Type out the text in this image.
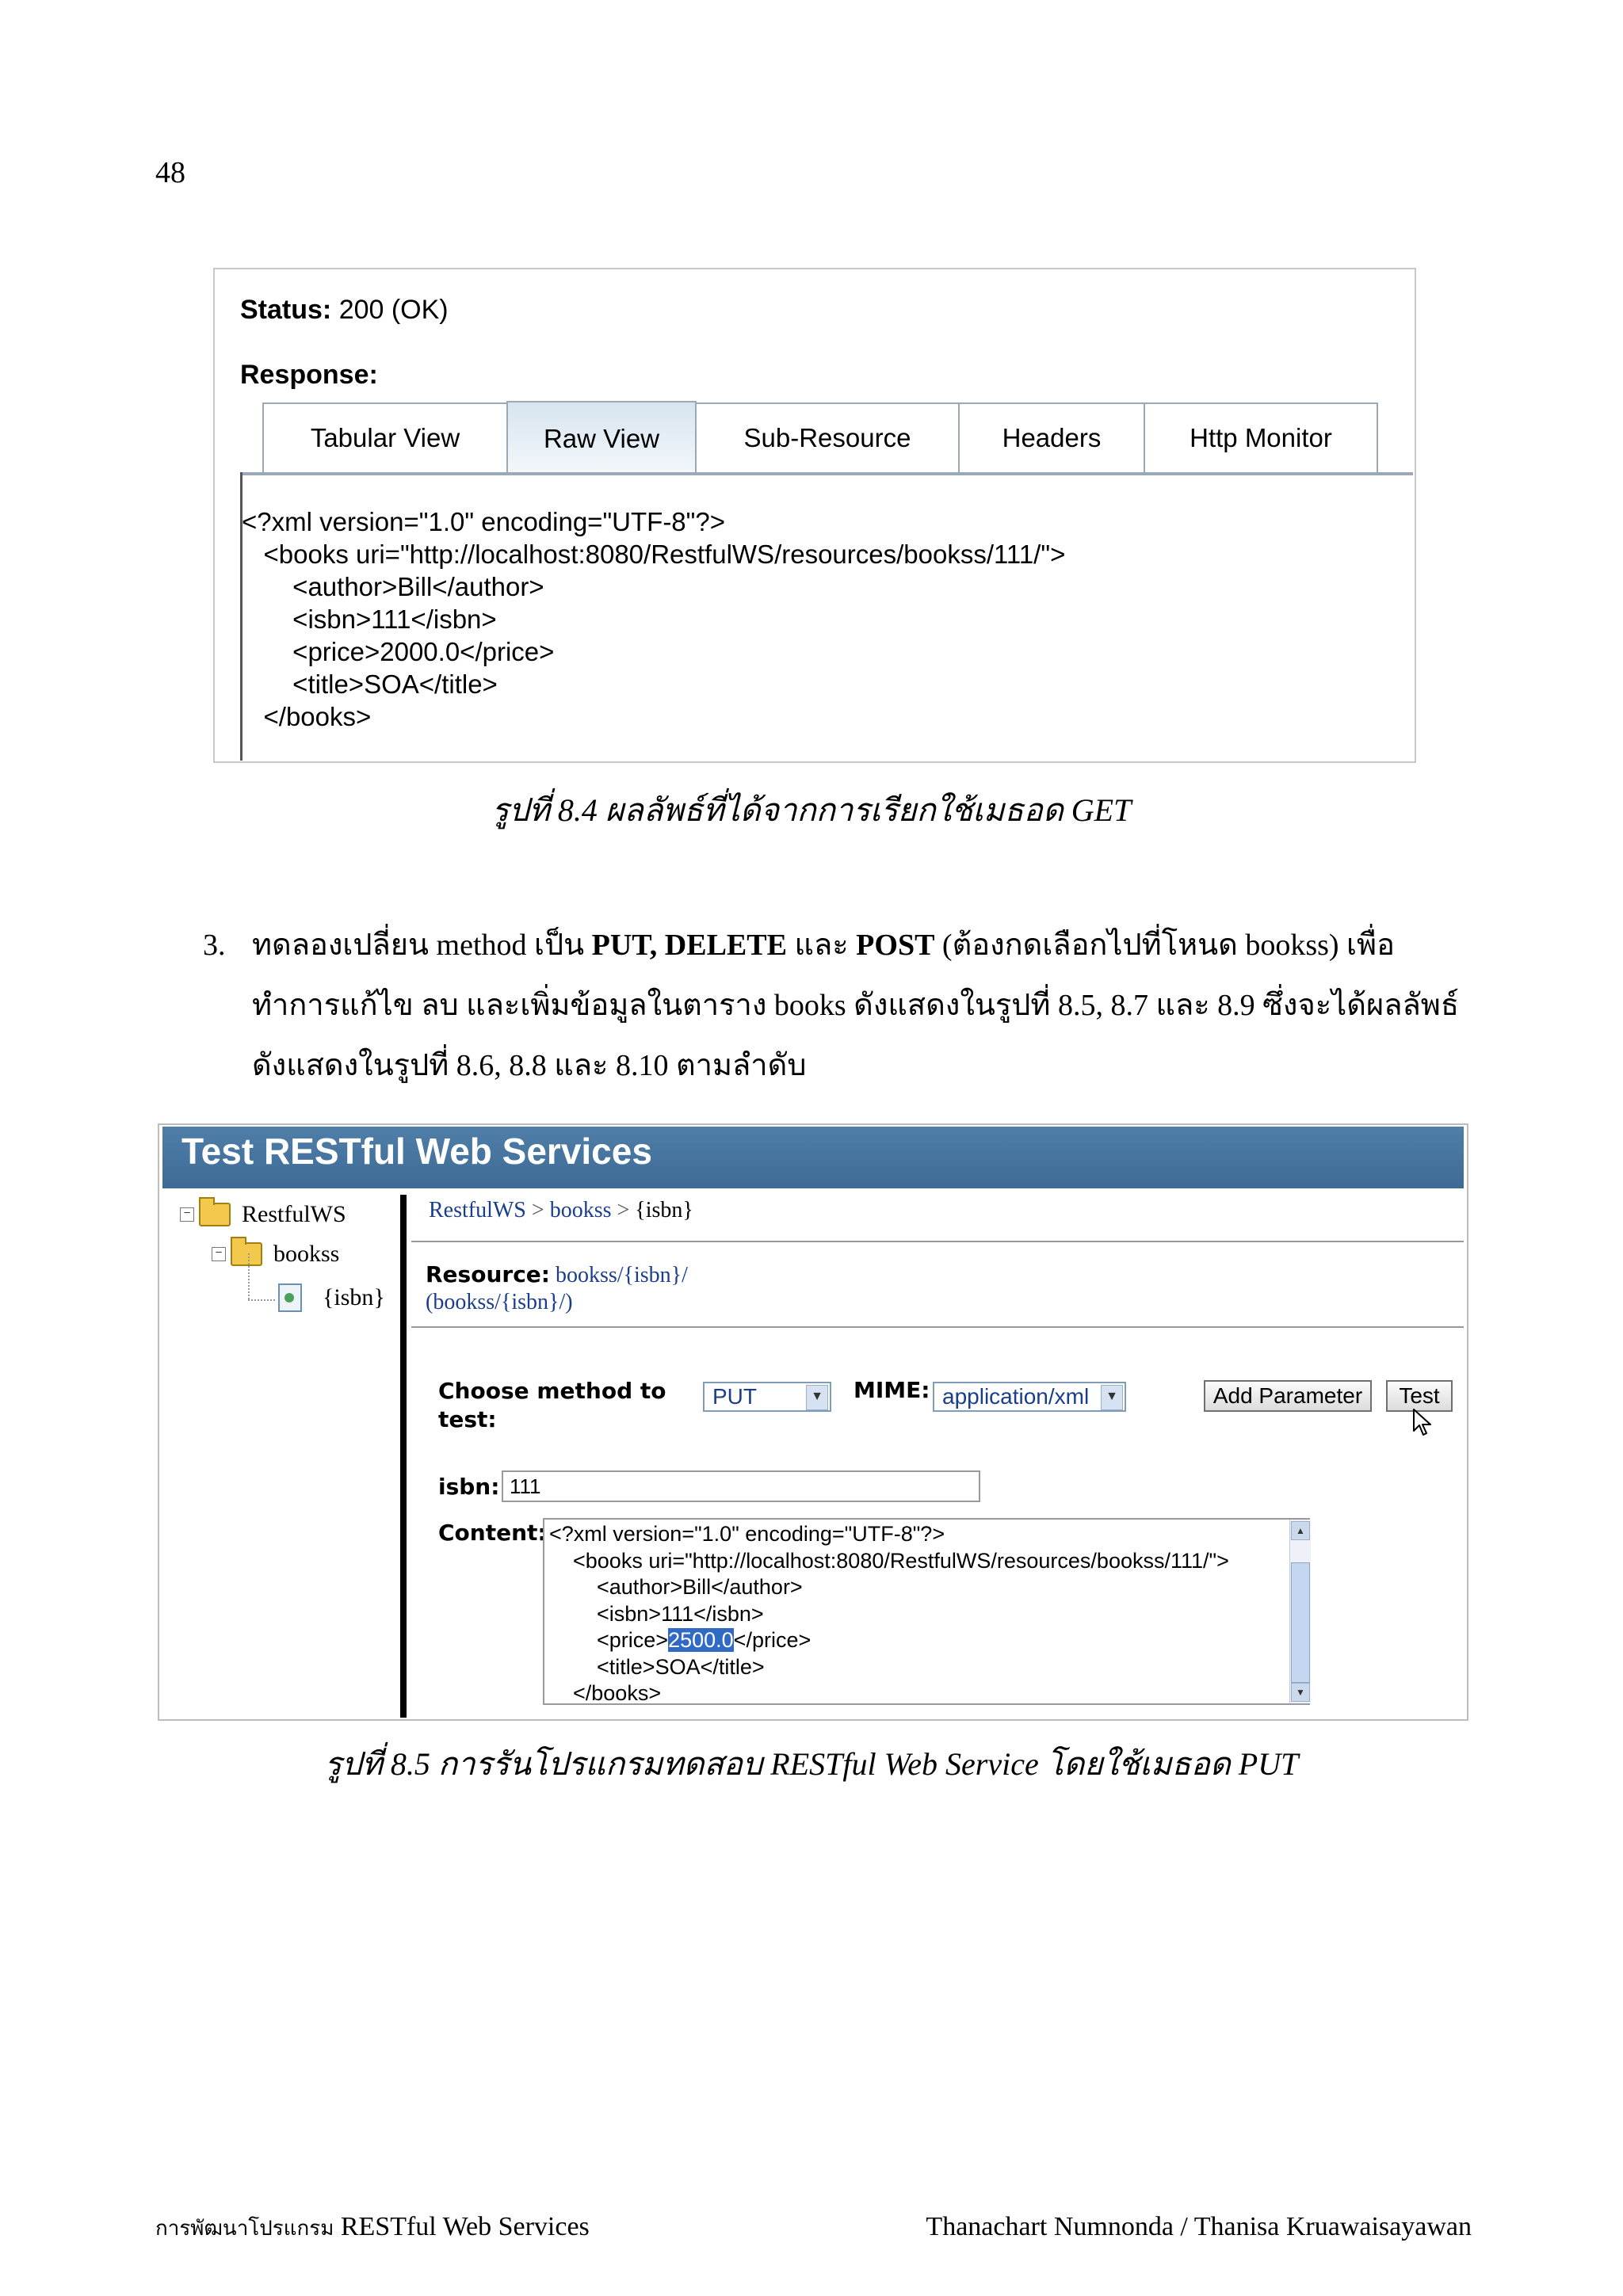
48
Status: 200 (OK)
Response:
Tabular View	Raw View	Sub-Resource	Headers	Http Monitor
<?xml version="1.0" encoding="UTF-8"?>
<books uri="http://localhost:8080/RestfulWS/resources/bookss/111/">
<author>Bill</author>
<isbn>111</isbn>
<price>2000.0</price>
<title>SOA</title>
</books>
รูปที่ 8.4 ผลลัพธ์ที่ได้จากการเรียกใช้เมธอด GET
3. ทดลองเปลี่ยน method เป็น PUT, DELETE และ POST (ต้องกดเลือกไปที่โหนด bookss) เพื่อทำการแก้ไข ลบ และเพิ่มข้อมูลในตาราง books ดังแสดงในรูปที่ 8.5, 8.7 และ 8.9 ซึ่งจะได้ผลลัพธ์ดังแสดงในรูปที่ 8.6, 8.8 และ 8.10 ตามลำดับ
Test RESTful Web Services
− RestfulWS
− bookss
{isbn}
RestfulWS > bookss > {isbn}
Resource: bookss/{isbn}/
(bookss/{isbn}/)
Choose method to test:
PUT	▼ MIME: application/xml	▼	Add Parameter	Test
isbn: 111
Content: <?xml version="1.0" encoding="UTF-8"?>
<books uri="http://localhost:8080/RestfulWS/resources/bookss/111/">
<author>Bill</author>
<isbn>111</isbn>
<price>2500.0</price>
<title>SOA</title>
</books>
▲
▼
รูปที่ 8.5 การรันโปรแกรมทดสอบ RESTful Web Service โดยใช้เมธอด PUT
การพัฒนาโปรแกรม RESTful Web Services	Thanachart Numnonda / Thanisa Kruawaisayawan
